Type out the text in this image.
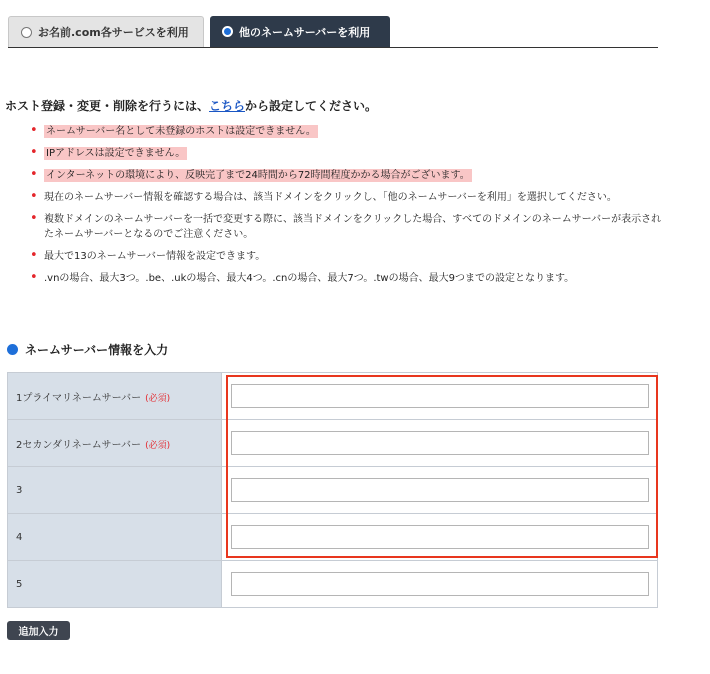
お名前.com各サービスを利用	他のネームサーバーを利用
ホスト登録・変更・削除を行うには、こちらから設定してください。
• ネームサーバー名として未登録のホストは設定できません。
• IPアドレスは設定できません。
• インターネットの環境により、反映完了まで24時間から72時間程度かかる場合がございます。
• 現在のネームサーバー情報を確認する場合は、該当ドメインをクリックし、「他のネームサーバーを利用」を選択してください。
• 複数ドメインのネームサーバーを一括で変更する際に、該当ドメインをクリックした場合、すべてのドメインのネームサーバーが表示されたネームサーバーとなるのでご注意ください。
• 最大で13のネームサーバー情報を設定できます。
• .vnの場合、最大3つ。.be、.ukの場合、最大4つ。.cnの場合、最大7つ。.twの場合、最大9つまでの設定となります。
ネームサーバー情報を入力
1プライマリネームサーバー (必須)	

2セカンダリネームサーバー (必須)	

3	

4	

5	
追加入力
